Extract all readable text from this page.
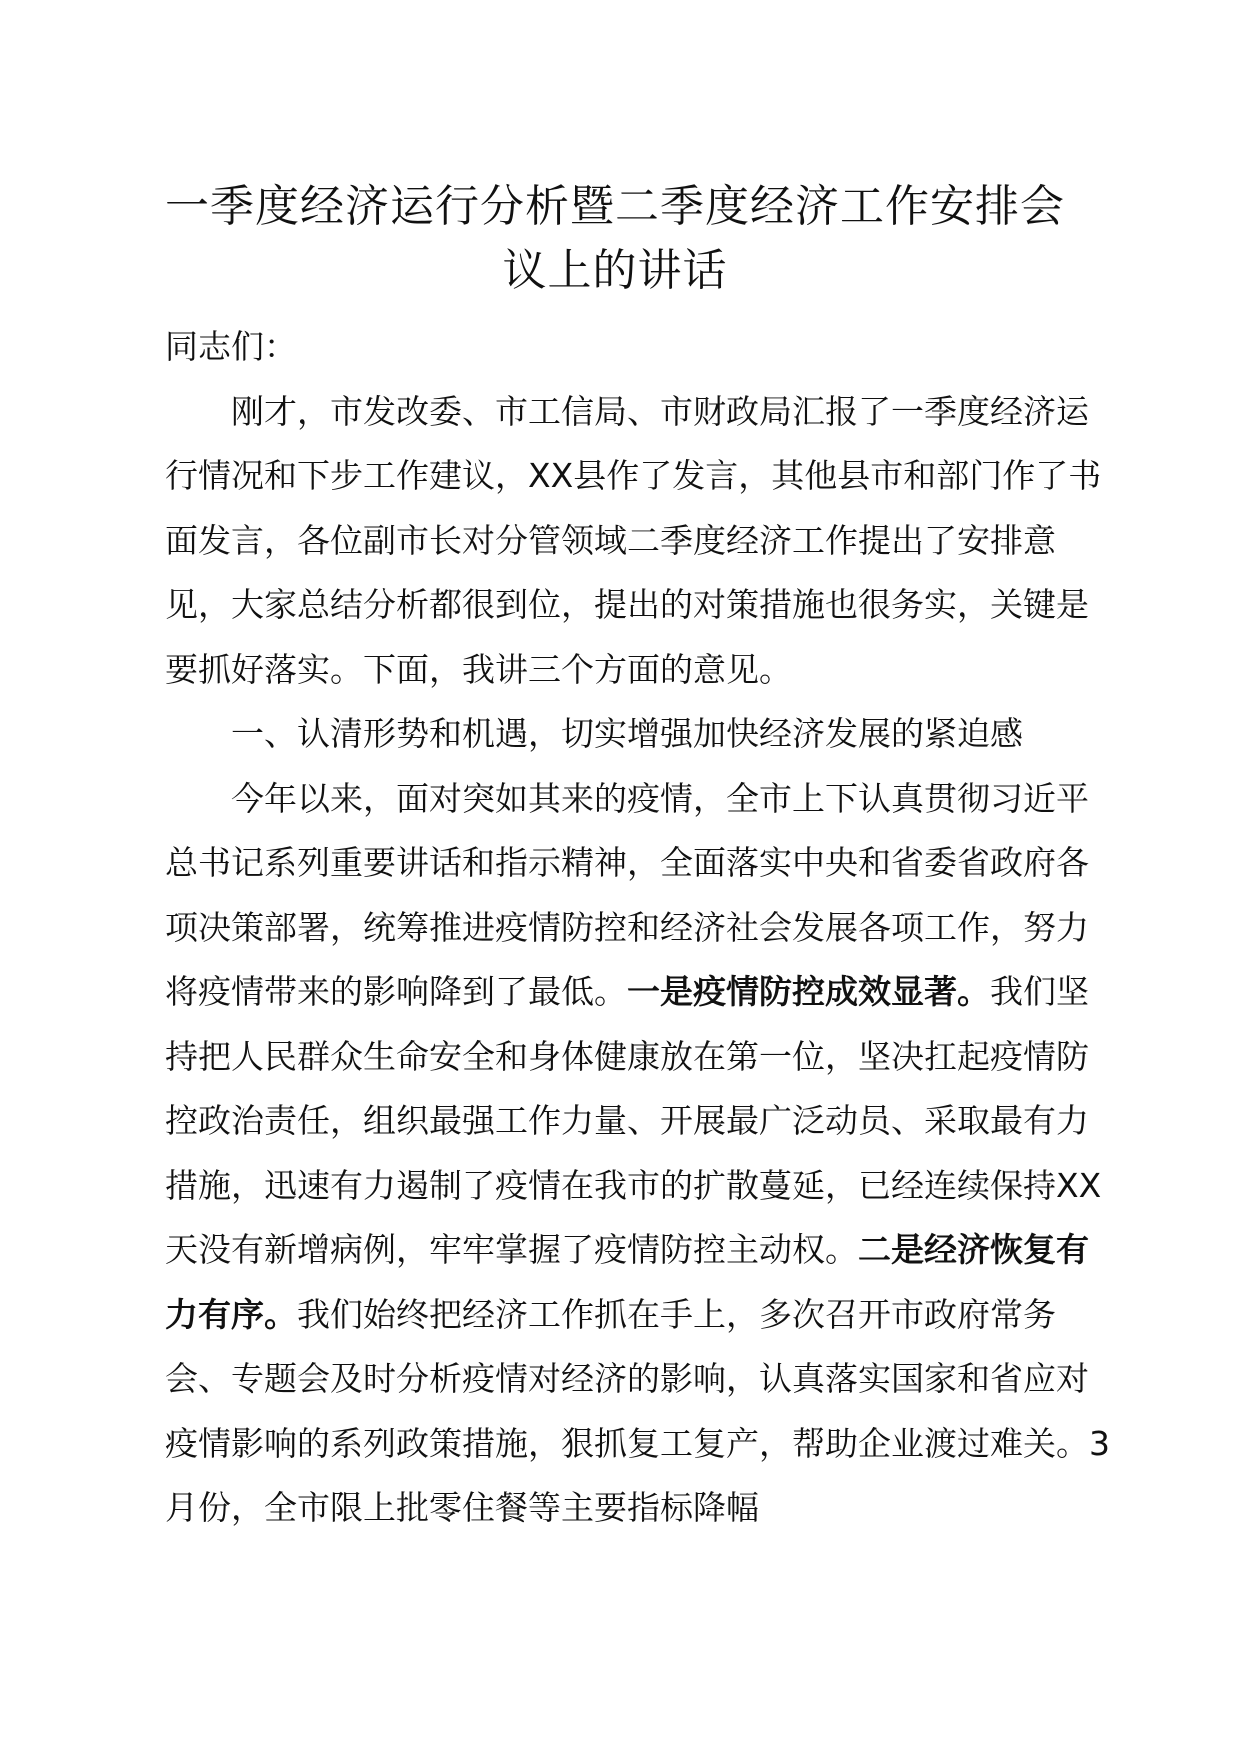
一季度经济运行分析暨二季度经济工作安排会议上的讲话

同志们：

刚才，市发改委、市工信局、市财政局汇报了一季度经济运行情况和下步工作建议，XX县作了发言，其他县市和部门作了书面发言，各位副市长对分管领域二季度经济工作提出了安排意见，大家总结分析都很到位，提出的对策措施也很务实，关键是要抓好落实。下面，我讲三个方面的意见。

一、认清形势和机遇，切实增强加快经济发展的紧迫感

今年以来，面对突如其来的疫情，全市上下认真贯彻习近平总书记系列重要讲话和指示精神，全面落实中央和省委省政府各项决策部署，统筹推进疫情防控和经济社会发展各项工作，努力将疫情带来的影响降到了最低。一是疫情防控成效显著。我们坚持把人民群众生命安全和身体健康放在第一位，坚决扛起疫情防控政治责任，组织最强工作力量、开展最广泛动员、采取最有力措施，迅速有力遏制了疫情在我市的扩散蔓延，已经连续保持XX天没有新增病例，牢牢掌握了疫情防控主动权。二是经济恢复有力有序。我们始终把经济工作抓在手上，多次召开市政府常务会、专题会及时分析疫情对经济的影响，认真落实国家和省应对疫情影响的系列政策措施，狠抓复工复产，帮助企业渡过难关。3月份，全市限上批零住餐等主要指标降幅
